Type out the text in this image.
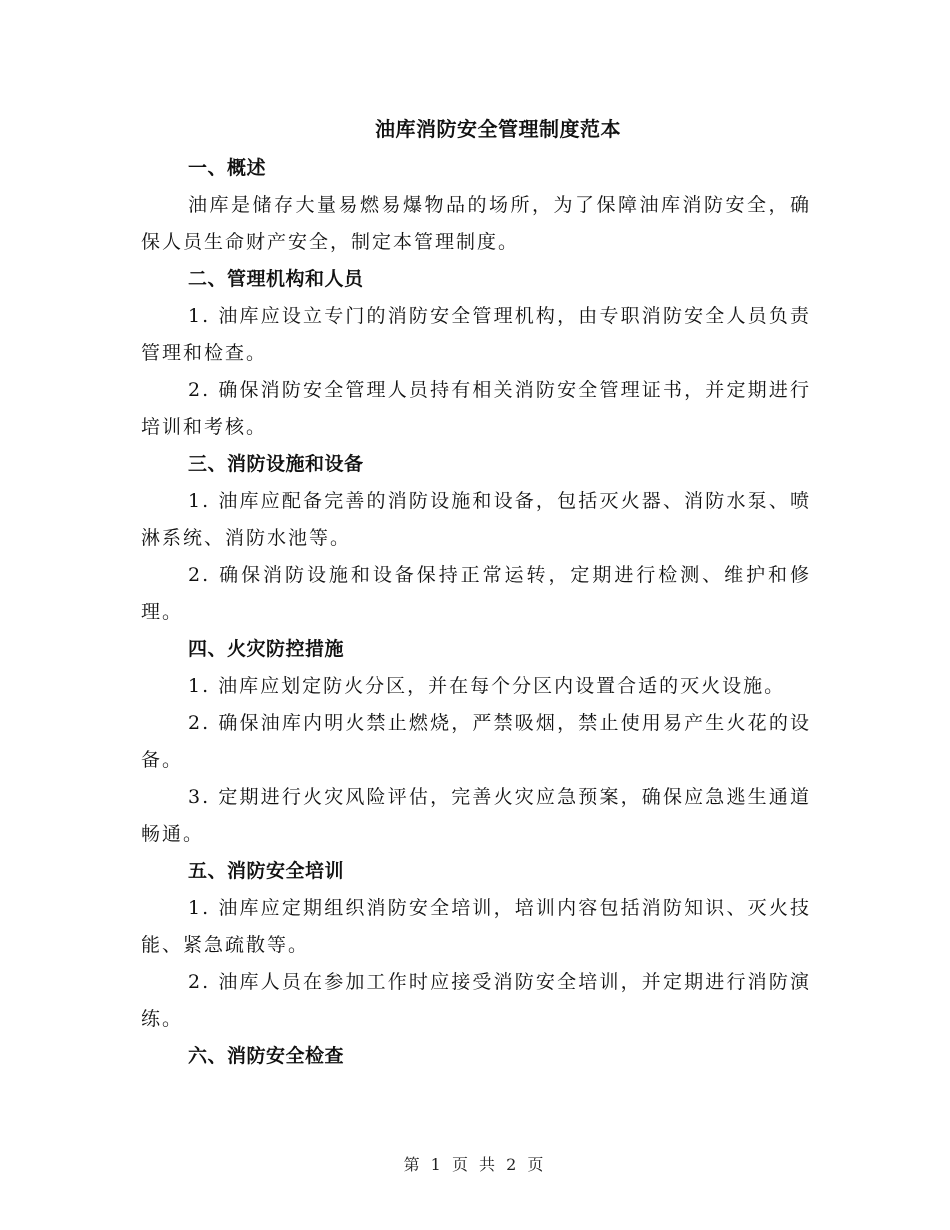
油库消防安全管理制度范本
一、概述

油库是储存大量易燃易爆物品的场所，为了保障油库消防安全，确保人员生命财产安全，制定本管理制度。

二、管理机构和人员

1. 油库应设立专门的消防安全管理机构，由专职消防安全人员负责管理和检查。

2. 确保消防安全管理人员持有相关消防安全管理证书，并定期进行培训和考核。

三、消防设施和设备

1. 油库应配备完善的消防设施和设备，包括灭火器、消防水泵、喷淋系统、消防水池等。

2. 确保消防设施和设备保持正常运转，定期进行检测、维护和修理。

四、火灾防控措施

1. 油库应划定防火分区，并在每个分区内设置合适的灭火设施。

2. 确保油库内明火禁止燃烧，严禁吸烟，禁止使用易产生火花的设备。

3. 定期进行火灾风险评估，完善火灾应急预案，确保应急逃生通道畅通。

五、消防安全培训

1. 油库应定期组织消防安全培训，培训内容包括消防知识、灭火技能、紧急疏散等。

2. 油库人员在参加工作时应接受消防安全培训，并定期进行消防演练。

六、消防安全检查
第 1 页 共 2 页
